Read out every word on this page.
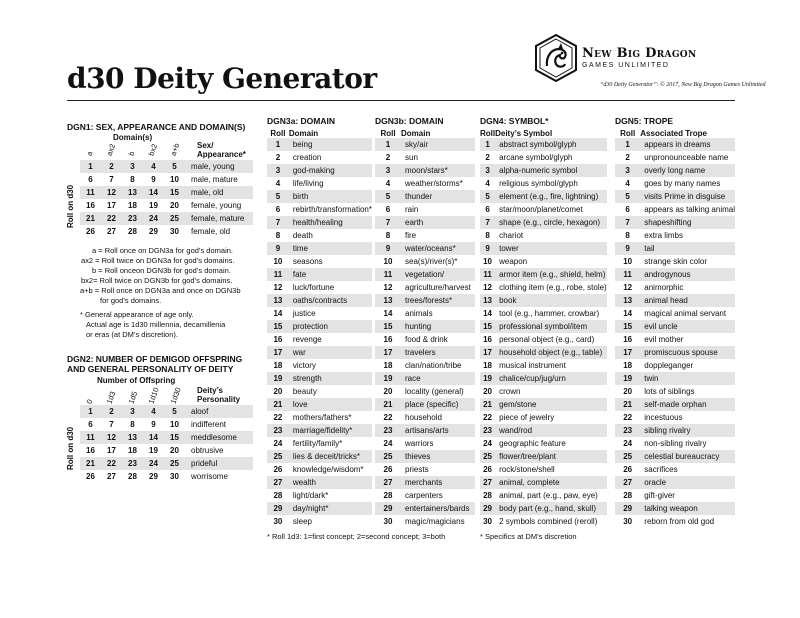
d30 Deity Generator
New Big Dragon
GAMES UNLIMITED
“d30 Deity Generator”: © 2017, New Big Dragon Games Unlimited
DGN1: SEX, APPEARANCE AND DOMAIN(S)
Domain(s)
a ax2 b bx2 a+b Sex/
Appearance*
Roll on d30
1	2	3	4	5	male, young
6	7	8	9	10	male, mature
11	12	13	14	15	male, old
16	17	18	19	20	female, young
21	22	23	24	25	female, mature
26	27	28	29	30	female, old
a = Roll once on DGN3a for god’s domain.
ax2 = Roll twice on DGN3a for god’s domains.
b = Roll onceon DGN3b for god’s domain.
bx2= Roll twice on DGN3b for god’s domains.
a+b = Roll once on DGN3a and once on DGN3b
for god’s domains.
* General appearance of age only.
Actual age is 1d30 millennia, decamillenia
or eras (at DM’s discretion).
DGN2: NUMBER OF DEMIGOD OFFSPRING
AND GENERAL PERSONALITY OF DEITY
Number of Offspring
0 1d3 1d5 1d10 1d30 Deity’s
Personality
Roll on d30
1	2	3	4	5	aloof
6	7	8	9	10	indifferent
11	12	13	14	15	meddlesome
16	17	18	19	20	obtrusive
21	22	23	24	25	prideful
26	27	28	29	30	worrisome
DGN3a: DOMAIN
Roll	Domain
1	being
2	creation
3	god-making
4	life/living
5	birth
6	rebirth/transformation*
7	health/healing
8	death
9	time
10	seasons
11	fate
12	luck/fortune
13	oaths/contracts
14	justice
15	protection
16	revenge
17	war
18	victory
19	strength
20	beauty
21	love
22	mothers/fathers*
23	marriage/fidelity*
24	fertility/family*
25	lies & deceit/tricks*
26	knowledge/wisdom*
27	wealth
28	light/dark*
29	day/night*
30	sleep
* Roll 1d3: 1=first concept; 2=second concept; 3=both
DGN3b: DOMAIN
Roll	Domain
1	sky/air
2	sun
3	moon/stars*
4	weather/storms*
5	thunder
6	rain
7	earth
8	fire
9	water/oceans*
10	sea(s)/river(s)*
11	vegetation/
12	agriculture/harvest
13	trees/forests*
14	animals
15	hunting
16	food & drink
17	travelers
18	clan/nation/tribe
19	race
20	locality (general)
21	place (specific)
22	household
23	artisans/arts
24	warriors
25	thieves
26	priests
27	merchants
28	carpenters
29	entertainers/bards
30	magic/magicians
DGN4: SYMBOL*
Roll	Deity’s Symbol
1	abstract symbol/glyph
2	arcane symbol/glyph
3	alpha-numeric symbol
4	religious symbol/glyph
5	element (e.g., fire, lightning)
6	star/moon/planet/comet
7	shape (e.g., circle, hexagon)
8	chariot
9	tower
10	weapon
11	armor item (e.g., shield, helm)
12	clothing item (e.g., robe, stole)
13	book
14	tool (e.g., hammer, crowbar)
15	professional symbol/item
16	personal object (e.g., card)
17	household object (e.g., table)
18	musical instrument
19	chalice/cup/jug/urn
20	crown
21	gem/stone
22	piece of jewelry
23	wand/rod
24	geographic feature
25	flower/tree/plant
26	rock/stone/shell
27	animal, complete
28	animal, part (e.g., paw, eye)
29	body part (e.g., hand, skull)
30	2 symbols combined (reroll)
* Specifics at DM’s discretion
DGN5: TROPE
Roll	Associated Trope
1	appears in dreams
2	unpronounceable name
3	overly long name
4	goes by many names
5	visits Prime in disguise
6	appears as talking animal
7	shapeshifting
8	extra limbs
9	tail
10	strange skin color
11	androgynous
12	animorphic
13	animal head
14	magical animal servant
15	evil uncle
16	evil mother
17	promiscuous spouse
18	doppleganger
19	twin
20	lots of siblings
21	self-made orphan
22	incestuous
23	sibling rivalry
24	non-sibling rivalry
25	celestial bureaucracy
26	sacrifices
27	oracle
28	gift-giver
29	talking weapon
30	reborn from old god
